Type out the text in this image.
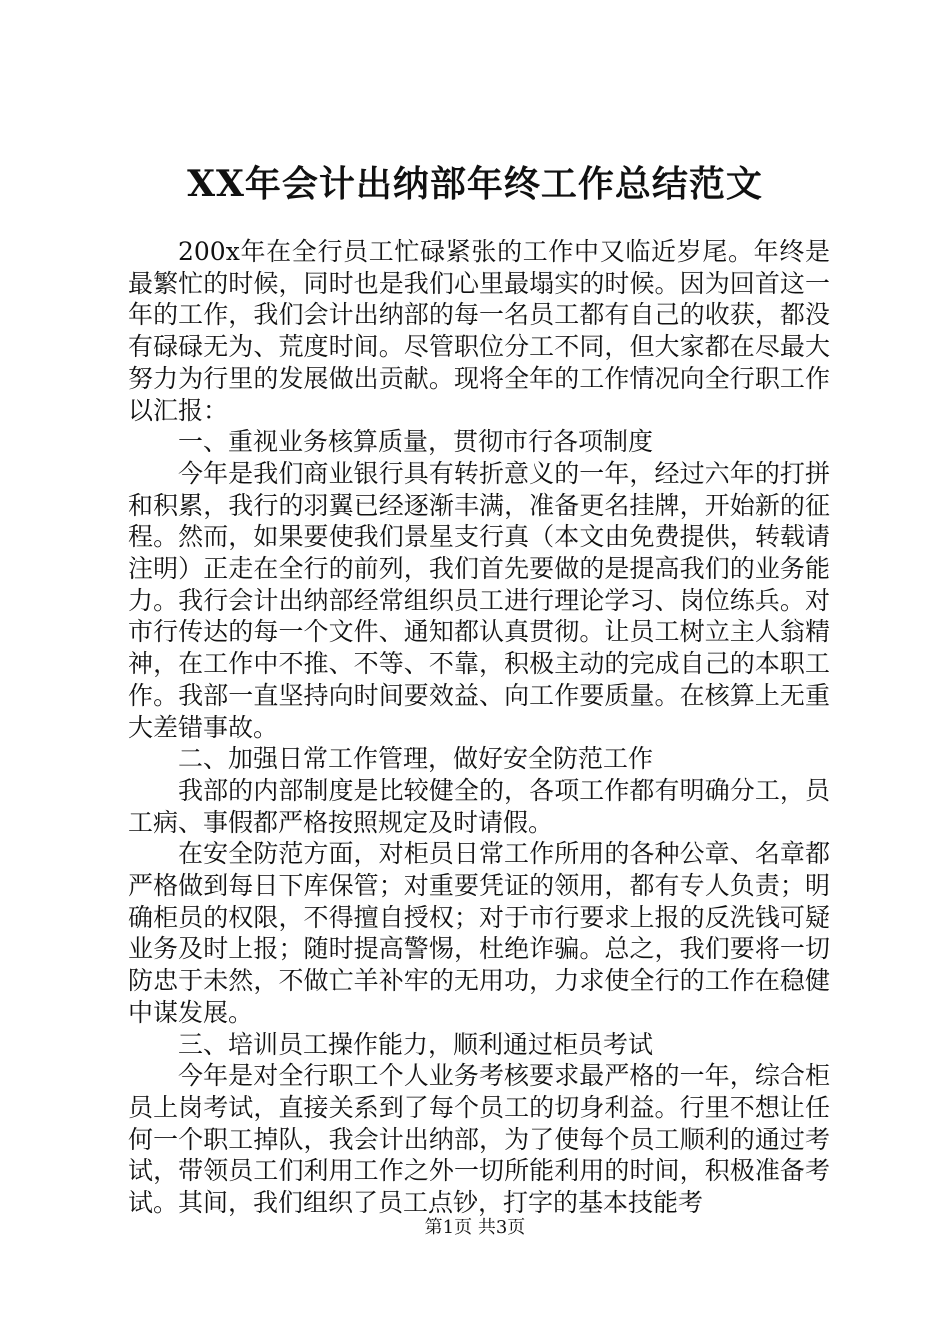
XX年会计出纳部年终工作总结范文

200x年在全行员工忙碌紧张的工作中又临近岁尾。年终是最繁忙的时候，同时也是我们心里最塌实的时候。因为回首这一年的工作，我们会计出纳部的每一名员工都有自己的收获，都没有碌碌无为、荒度时间。尽管职位分工不同，但大家都在尽最大努力为行里的发展做出贡献。现将全年的工作情况向全行职工作以汇报：

一、重视业务核算质量，贯彻市行各项制度

今年是我们商业银行具有转折意义的一年，经过六年的打拼和积累，我行的羽翼已经逐渐丰满，准备更名挂牌，开始新的征程。然而，如果要使我们景星支行真（本文由免费提供，转载请注明）正走在全行的前列，我们首先要做的是提高我们的业务能力。我行会计出纳部经常组织员工进行理论学习、岗位练兵。对市行传达的每一个文件、通知都认真贯彻。让员工树立主人翁精神，在工作中不推、不等、不靠，积极主动的完成自己的本职工作。我部一直坚持向时间要效益、向工作要质量。在核算上无重大差错事故。

二、加强日常工作管理，做好安全防范工作

我部的内部制度是比较健全的，各项工作都有明确分工，员工病、事假都严格按照规定及时请假。

在安全防范方面，对柜员日常工作所用的各种公章、名章都严格做到每日下库保管；对重要凭证的领用，都有专人负责；明确柜员的权限，不得擅自授权；对于市行要求上报的反洗钱可疑业务及时上报；随时提高警惕，杜绝诈骗。总之，我们要将一切防忠于未然，不做亡羊补牢的无用功，力求使全行的工作在稳健中谋发展。

三、培训员工操作能力，顺利通过柜员考试

今年是对全行职工个人业务考核要求最严格的一年，综合柜员上岗考试，直接关系到了每个员工的切身利益。行里不想让任何一个职工掉队，我会计出纳部，为了使每个员工顺利的通过考试，带领员工们利用工作之外一切所能利用的时间，积极准备考试。其间，我们组织了员工点钞，打字的基本技能考

第1页 共3页
